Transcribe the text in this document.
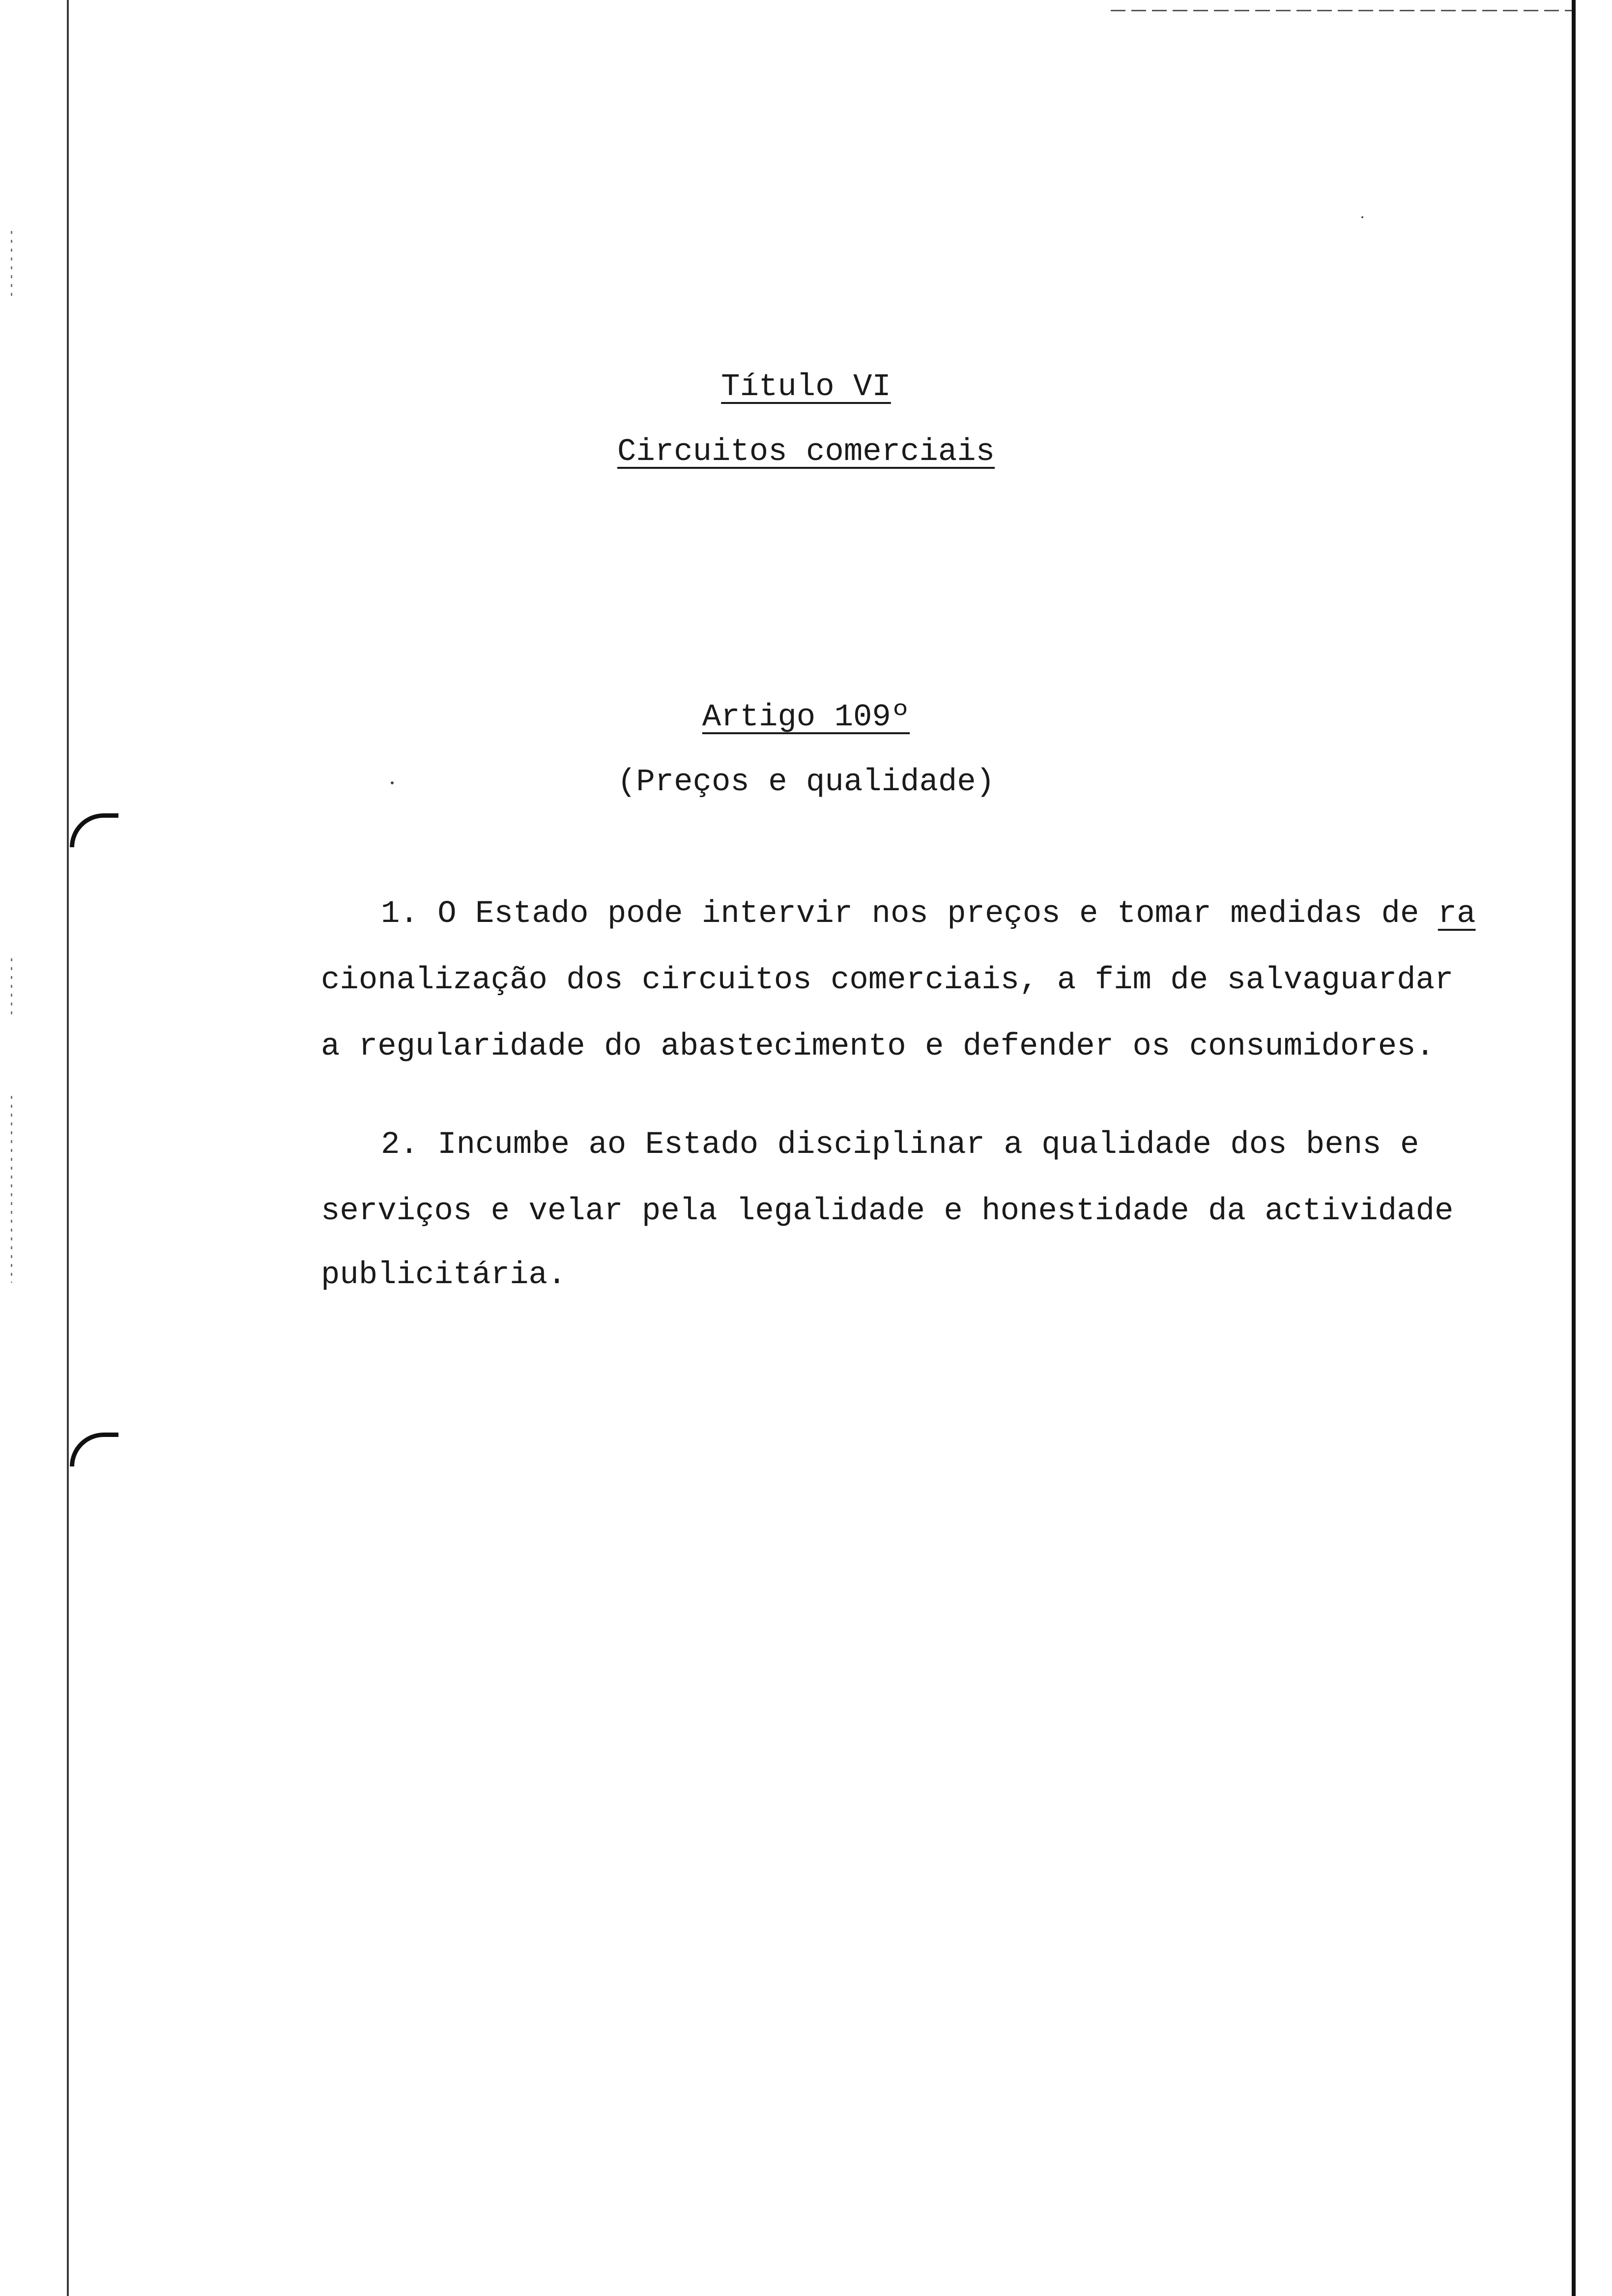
Título VI
Circuitos comerciais
Artigo 109º
(Preços e qualidade)
1. O Estado pode intervir nos preços e tomar medidas de ra
cionalização dos circuitos comerciais, a fim de salvaguardar
a regularidade do abastecimento e defender os consumidores.
2. Incumbe ao Estado disciplinar a qualidade dos bens e
serviços e velar pela legalidade e honestidade da actividade
publicitária.
